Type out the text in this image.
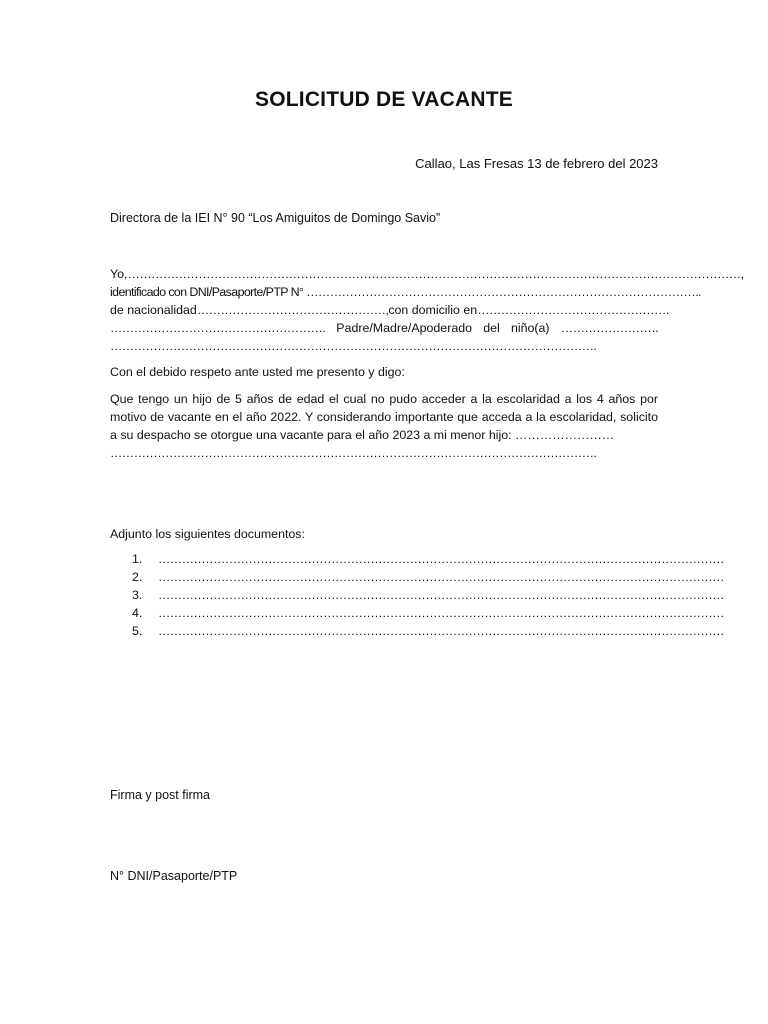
SOLICITUD DE VACANTE
Callao, Las Fresas 13 de febrero del 2023
Directora de la IEI N° 90 “Los Amiguitos de Domingo Savio”
Yo, …………………………………………………………………………………………………………………………………………,
identificado con DNI/Pasaporte/PTP N° ………………………………………………………………………………………..
de nacionalidad …………………………………………, con domicilio en ………………………………………….
………………………………………………. Padre/Madre/Apoderado del niño(a) …………………….
…………………………………………………………………………………………………………….
Con el debido respeto ante usted me presento y digo:
Que tengo un hijo de 5 años de edad el cual no pudo acceder a la escolaridad a los 4 años por motivo de vacante en el año 2022. Y considerando importante que acceda a la escolaridad, solicito a su despacho se otorgue una vacante para el año 2023 a mi menor hijo: ……………………
…………………………………………………………………………………………………………….
Adjunto los siguientes documentos:
1.	………………………………………………………………………………………………………………………………
2.	………………………………………………………………………………………………………………………………
3.	………………………………………………………………………………………………………………………………
4.	………………………………………………………………………………………………………………………………
5.	………………………………………………………………………………………………………………………………
Firma y post firma
N° DNI/Pasaporte/PTP
